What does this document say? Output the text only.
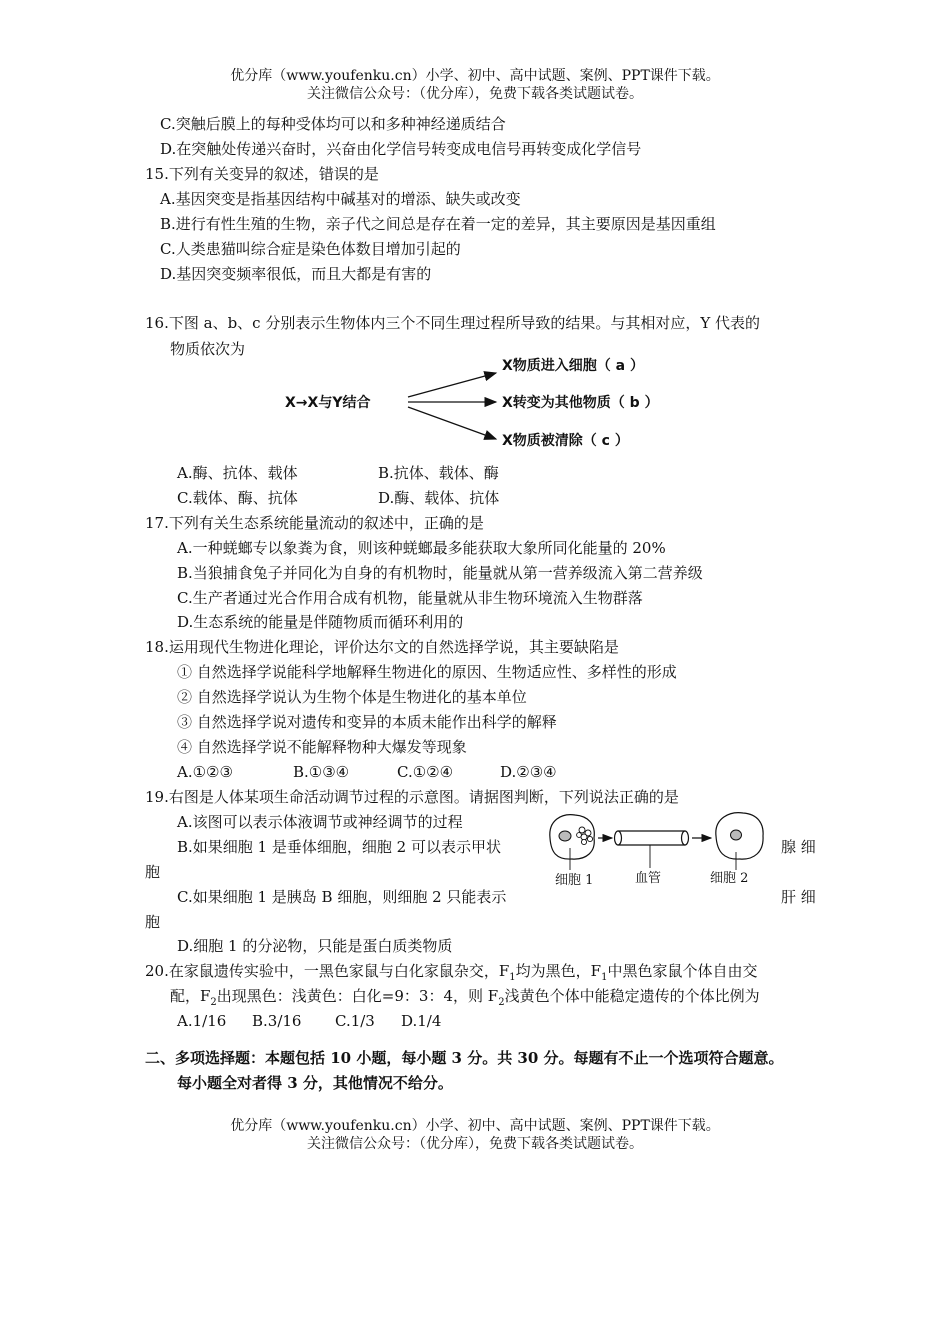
优分库（www.youfenku.cn）小学、初中、高中试题、案例、PPT课件下载。
关注微信公众号：（优分库），免费下载各类试题试卷。
C.突触后膜上的每种受体均可以和多种神经递质结合
D.在突触处传递兴奋时，兴奋由化学信号转变成电信号再转变成化学信号
15.下列有关变异的叙述，错误的是
A.基因突变是指基因结构中碱基对的增添、缺失或改变
B.进行有性生殖的生物，亲子代之间总是存在着一定的差异，其主要原因是基因重组
C.人类患猫叫综合症是染色体数目增加引起的
D.基因突变频率很低，而且大都是有害的
16.下图 a、b、c 分别表示生物体内三个不同生理过程所导致的结果。与其相对应，Y 代表的
物质依次为
X→X与Y结合
X物质进入细胞（ a ）
X转变为其他物质（ b ）
X物质被清除（ c ）
A.酶、抗体、载体	B.抗体、载体、酶
C.载体、酶、抗体	D.酶、载体、抗体
17.下列有关生态系统能量流动的叙述中，正确的是
A.一种蜣螂专以象粪为食，则该种蜣螂最多能获取大象所同化能量的 20%
B.当狼捕食兔子并同化为自身的有机物时，能量就从第一营养级流入第二营养级
C.生产者通过光合作用合成有机物，能量就从非生物环境流入生物群落
D.生态系统的能量是伴随物质而循环利用的
18.运用现代生物进化理论，评价达尔文的自然选择学说，其主要缺陷是
① 自然选择学说能科学地解释生物进化的原因、生物适应性、多样性的形成
② 自然选择学说认为生物个体是生物进化的基本单位
③ 自然选择学说对遗传和变异的本质未能作出科学的解释
④ 自然选择学说不能解释物种大爆发等现象
A.①②③	B.①③④	C.①②④	D.②③④
19.右图是人体某项生命活动调节过程的示意图。请据图判断，下列说法正确的是
A.该图可以表示体液调节或神经调节的过程
B.如果细胞 1 是垂体细胞，细胞 2 可以表示甲状	腺 细
胞
C.如果细胞 1 是胰岛 B 细胞，则细胞 2 只能表示	肝 细
胞
D.细胞 1 的分泌物，只能是蛋白质类物质
细胞 1	血管	细胞 2
20.在家鼠遗传实验中，一黑色家鼠与白化家鼠杂交，$F_1$均为黑色，$F_1$中黑色家鼠个体自由交
配，$F_2$出现黑色：浅黄色：白化=9：3：4，则 $F_2$浅黄色个体中能稳定遗传的个体比例为
A.1/16 B.3/16 C.1/3 D.1/4
二、多项选择题：本题包括 10 小题，每小题 3 分。共 30 分。每题有不止一个选项符合题意。
每小题全对者得 3 分，其他情况不给分。
优分库（www.youfenku.cn）小学、初中、高中试题、案例、PPT课件下载。
关注微信公众号：（优分库），免费下载各类试题试卷。
